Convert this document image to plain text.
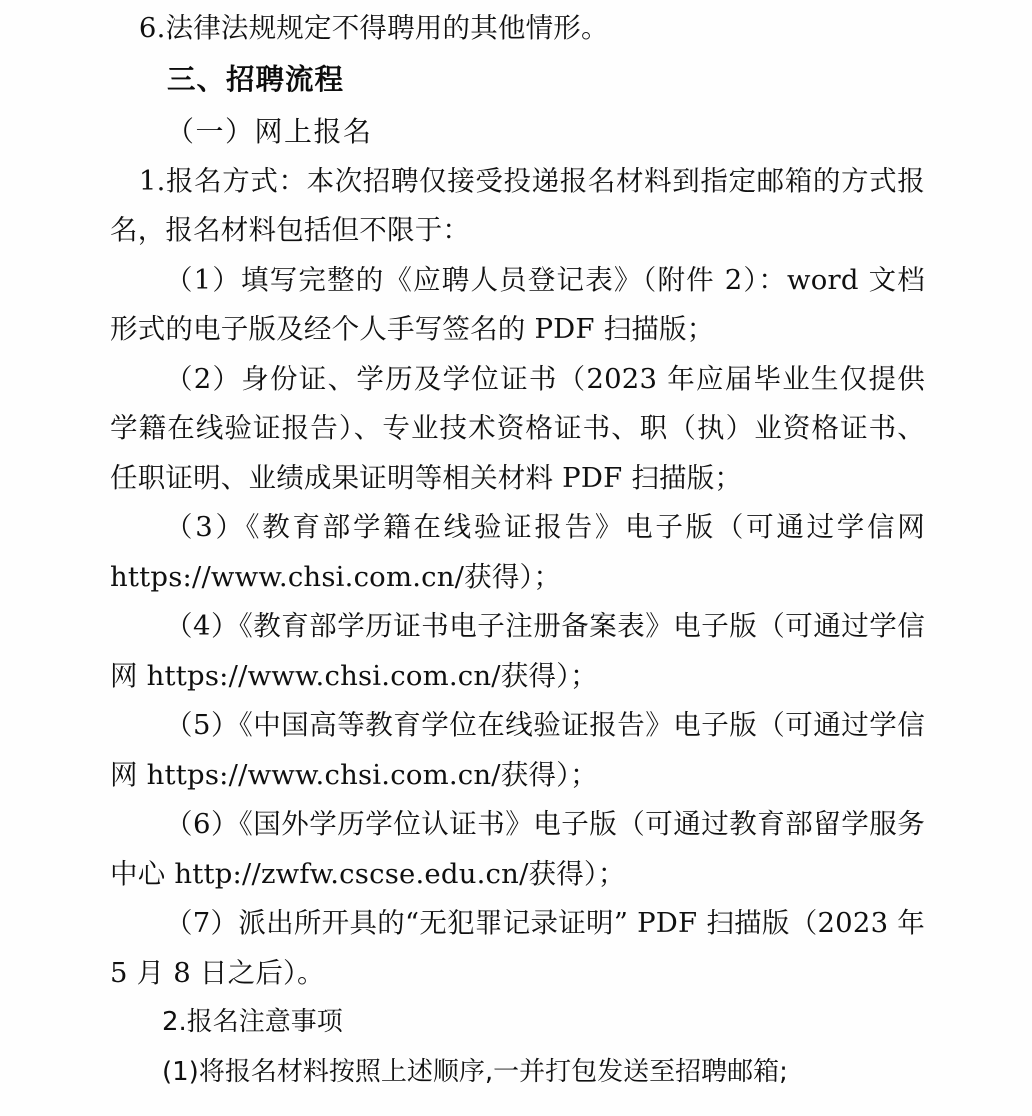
6.法律法规规定不得聘用的其他情形。

三、招聘流程

（一）网上报名

1.报名方式：本次招聘仅接受投递报名材料到指定邮箱的方式报名，报名材料包括但不限于：

（1）填写完整的《应聘人员登记表》（附件 2）：word 文档形式的电子版及经个人手写签名的 PDF 扫描版；

（2）身份证、学历及学位证书（2023 年应届毕业生仅提供学籍在线验证报告）、专业技术资格证书、职（执）业资格证书、任职证明、业绩成果证明等相关材料 PDF 扫描版；

（3）《教育部学籍在线验证报告》电子版（可通过学信网 https://www.chsi.com.cn/获得）；

（4）《教育部学历证书电子注册备案表》电子版（可通过学信网 https://www.chsi.com.cn/获得）；

（5）《中国高等教育学位在线验证报告》电子版（可通过学信网 https://www.chsi.com.cn/获得）；

（6）《国外学历学位认证书》电子版（可通过教育部留学服务中心 http://zwfw.cscse.edu.cn/获得）；

（7）派出所开具的“无犯罪记录证明” PDF 扫描版（2023 年 5 月 8 日之后）。

2.报名注意事项

(1)将报名材料按照上述顺序,一并打包发送至招聘邮箱;
